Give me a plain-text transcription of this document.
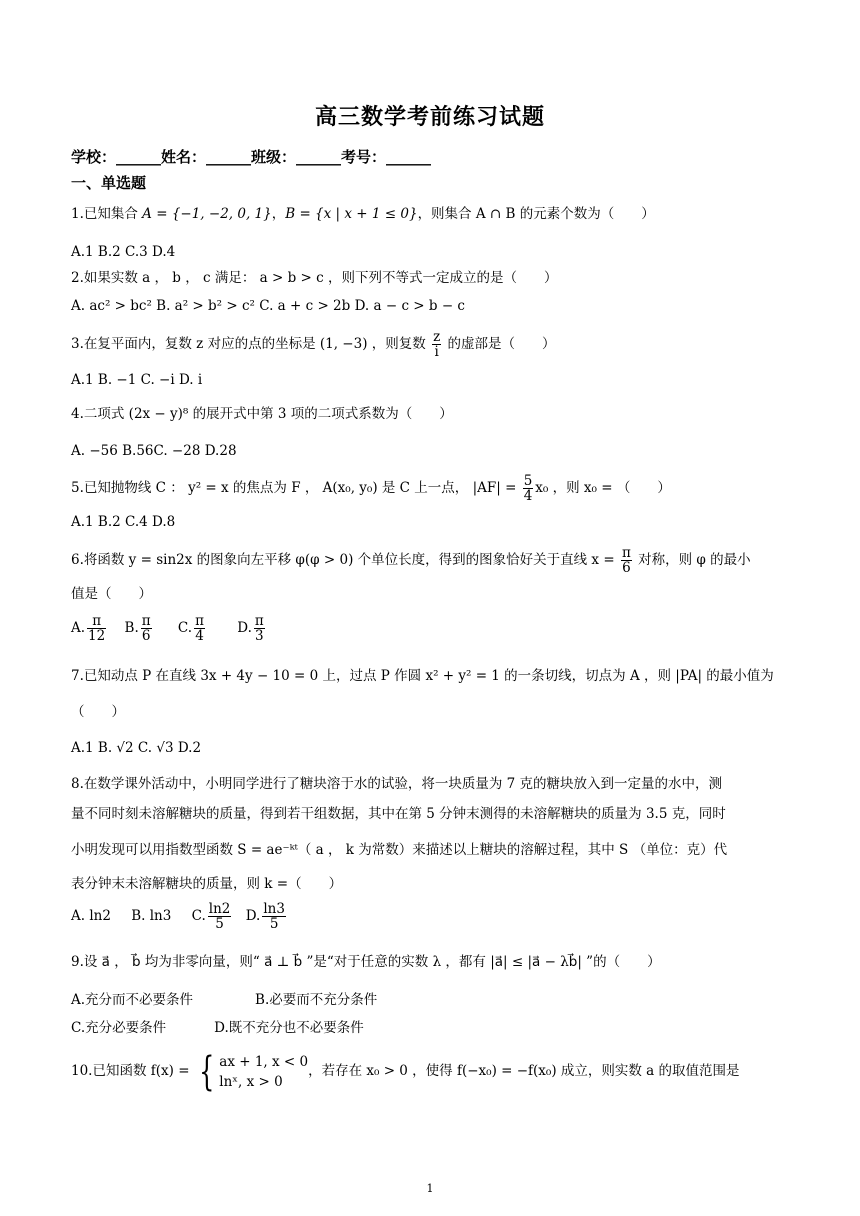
高三数学考前练习试题
学校：______姓名：______班级：______考号：______
一、单选题
1.已知集合 A = {−1, −2, 0, 1}，B = {x | x + 1 ≤ 0}，则集合 A ∩ B 的元素个数为（　　）
A.1 B.2 C.3 D.4
2.如果实数 a ， b ， c 满足： a > b > c ，则下列不等式一定成立的是（　　）
A. ac² > bc² B. a² > b² > c² C. a + c > 2b D. a − c > b − c
3.在复平面内，复数 z 对应的点的坐标是 (1, −3) ，则复数 $\frac{z}{i}$ 的虚部是（　　）
A.1 B. −1 C. −i D. i
4.二项式 (2x − y)⁸ 的展开式中第 3 项的二项式系数为（　　）
A. −56 B.56C. −28 D.28
5.已知抛物线 C ： y² = x 的焦点为 F ， A(x₀, y₀) 是 C 上一点， $|AF| = \frac{5}{4} x_0$ ，则 x₀ = （　　）
A.1 B.2 C.4 D.8
6.将函数 y = sin2x 的图象向左平移 φ(φ > 0) 个单位长度，得到的图象恰好关于直线 $x = \frac{\pi}{6}$ 对称，则 φ 的最小
值是（　　）
A. $\frac{\pi}{12} B$. $\frac{\pi}{6} C$. $\frac{\pi}{4} D$. $\frac{\pi}{3}$
7.已知动点 P 在直线 3x + 4y − 10 = 0 上，过点 P 作圆 x² + y² = 1 的一条切线，切点为 A ，则 |PA| 的最小值为
（　　）
A.1 B. √2 C. √3 D.2
8.在数学课外活动中，小明同学进行了糖块溶于水的试验，将一块质量为 7 克的糖块放入到一定量的水中，测
量不同时刻未溶解糖块的质量，得到若干组数据，其中在第 5 分钟末测得的未溶解糖块的质量为 3.5 克，同时
小明发现可以用指数型函数 S = ae⁻ᵏᵗ（ a ， k 为常数）来描述以上糖块的溶解过程，其中 S （单位：克）代
表分钟末未溶解糖块的质量，则 k =（　　）
A. ln2 B. ln3 C. $\frac{\ln 2}{5} D$. $\frac{\ln 3}{5}$
9.设 a⃗ ， b⃗ 均为非零向量，则“ a⃗ ⊥ b⃗ ”是“对于任意的实数 λ ，都有 |a⃗| ≤ |a⃗ − λb⃗| ”的（　　）
A.充分而不必要条件	B.必要而不充分条件
C.充分必要条件	D.既不充分也不必要条件
10.已知函数 f(x) = { ax + 1, x < 0
lnˣ, x > 0
，若存在 x₀ > 0 ，使得 f(−x₀) = −f(x₀) 成立，则实数 a 的取值范围是
1
